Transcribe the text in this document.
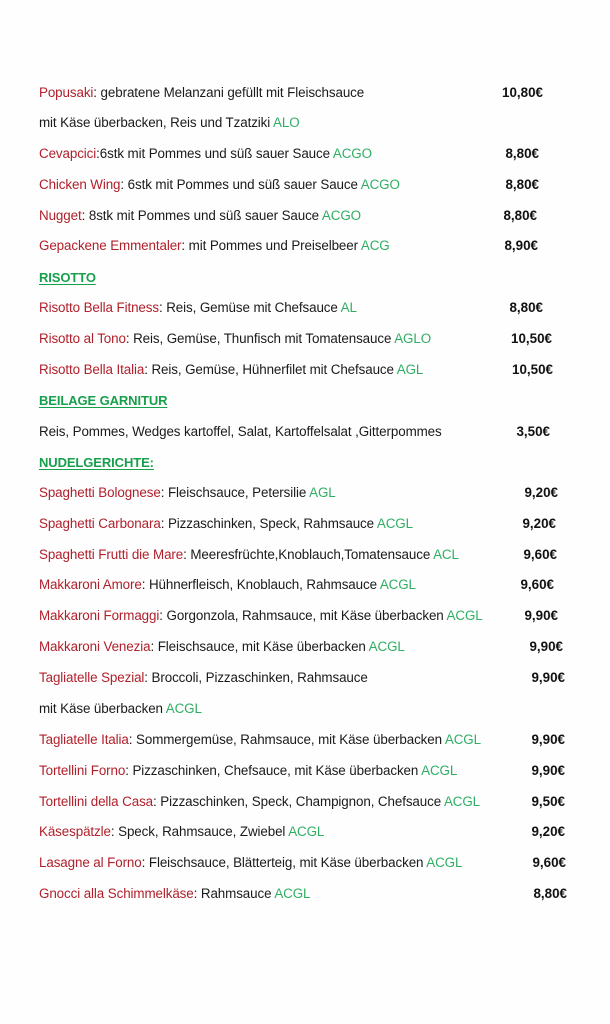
Popusaki: gebratene Melanzani gefüllt mit Fleischsauce	10,80€
mit Käse überbacken, Reis und Tzatziki ALO
Cevapcici:6stk mit Pommes und süß sauer Sauce ACGO	8,80€
Chicken Wing: 6stk mit Pommes und süß sauer Sauce ACGO	8,80€
Nugget: 8stk mit Pommes und süß sauer Sauce ACGO	8,80€
Gepackene Emmentaler: mit Pommes und Preiselbeer ACG	8,90€
RISOTTO
Risotto Bella Fitness: Reis, Gemüse mit Chefsauce AL	8,80€
Risotto al Tono: Reis, Gemüse, Thunfisch mit Tomatensauce AGLO	10,50€
Risotto Bella Italia: Reis, Gemüse, Hühnerfilet mit Chefsauce AGL	10,50€
BEILAGE GARNITUR
Reis, Pommes, Wedges kartoffel, Salat, Kartoffelsalat ,Gitterpommes	3,50€
NUDELGERICHTE:
Spaghetti Bolognese: Fleischsauce, Petersilie AGL	9,20€
Spaghetti Carbonara: Pizzaschinken, Speck, Rahmsauce ACGL	9,20€
Spaghetti Frutti die Mare: Meeresfrüchte,Knoblauch,Tomatensauce ACL	9,60€
Makkaroni Amore: Hühnerfleisch, Knoblauch, Rahmsauce ACGL	9,60€
Makkaroni Formaggi: Gorgonzola, Rahmsauce, mit Käse überbacken ACGL	9,90€
Makkaroni Venezia: Fleischsauce, mit Käse überbacken ACGL	9,90€
Tagliatelle Spezial: Broccoli, Pizzaschinken, Rahmsauce	9,90€
mit Käse überbacken ACGL
Tagliatelle Italia: Sommergemüse, Rahmsauce, mit Käse überbacken ACGL	9,90€
Tortellini Forno: Pizzaschinken, Chefsauce, mit Käse überbacken ACGL	9,90€
Tortellini della Casa: Pizzaschinken, Speck, Champignon, Chefsauce ACGL	9,50€
Käsespätzle: Speck, Rahmsauce, Zwiebel ACGL	9,20€
Lasagne al Forno: Fleischsauce, Blätterteig, mit Käse überbacken ACGL	9,60€
Gnocci alla Schimmelkäse: Rahmsauce ACGL	8,80€
